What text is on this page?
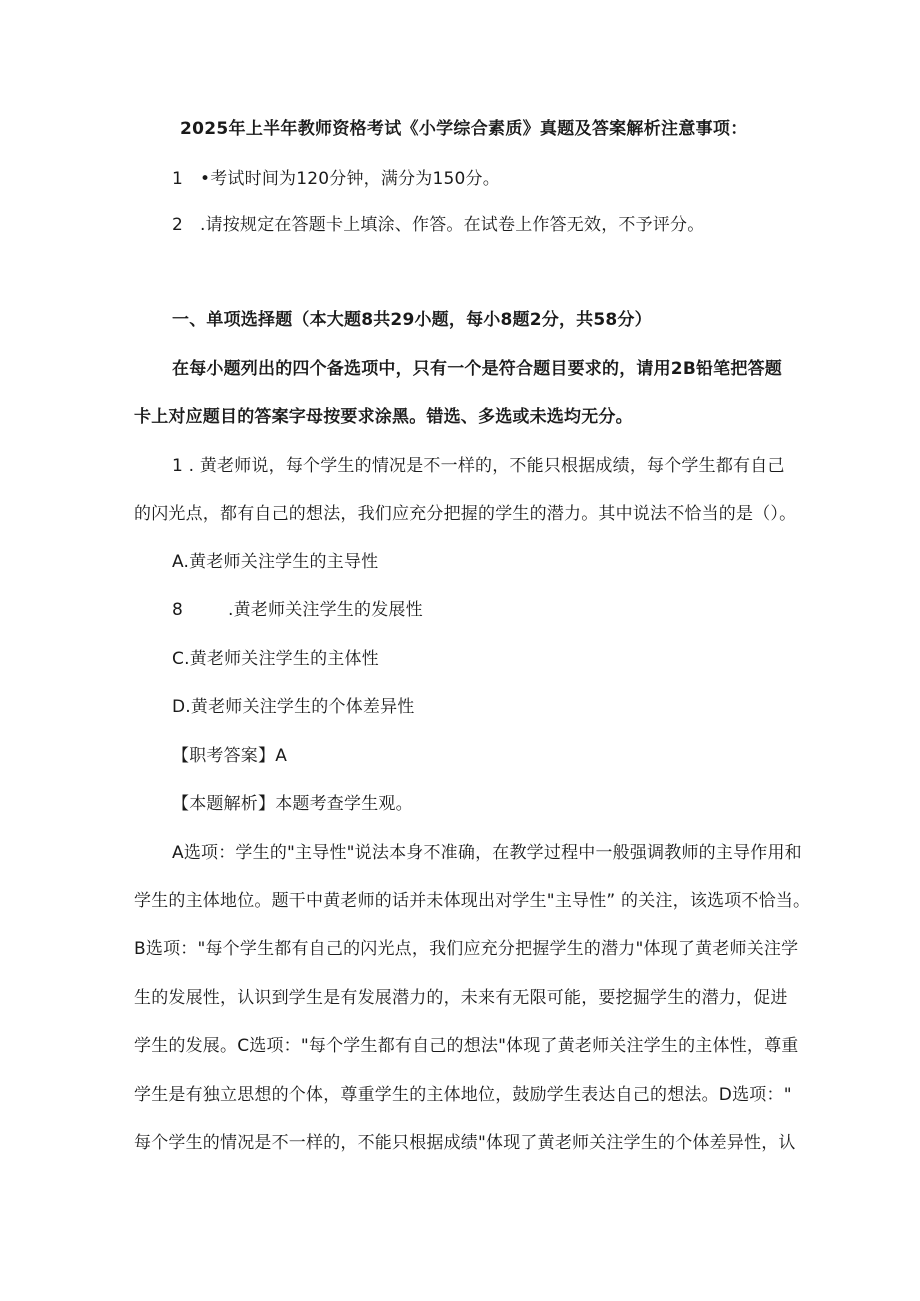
2025年上半年教师资格考试《小学综合素质》真题及答案解析注意事项：
1 •考试时间为120分钟，满分为150分。
2 .请按规定在答题卡上填涂、作答。在试卷上作答无效，不予评分。
一、单项选择题（本大题8共29小题，每小8题2分，共58分）
在每小题列出的四个备选项中，只有一个是符合题目要求的，请用2B铅笔把答题
卡上对应题目的答案字母按要求涂黑。错选、多选或未选均无分。
1 . 黄老师说，每个学生的情况是不一样的，不能只根据成绩，每个学生都有自己
的闪光点，都有自己的想法，我们应充分把握的学生的潜力。其中说法不恰当的是（）。
A.黄老师关注学生的主导性
8	.黄老师关注学生的发展性
C.黄老师关注学生的主体性
D.黄老师关注学生的个体差异性
【职考答案】A
【本题解析】本题考查学生观。
A选项：学生的"主导性"说法本身不准确，在教学过程中一般强调教师的主导作用和
学生的主体地位。题干中黄老师的话并未体现出对学生"主导性” 的关注，该选项不恰当。
B选项："每个学生都有自己的闪光点，我们应充分把握学生的潜力"体现了黄老师关注学
生的发展性，认识到学生是有发展潜力的，未来有无限可能，要挖掘学生的潜力，促进
学生的发展。C选项："每个学生都有自己的想法"体现了黄老师关注学生的主体性，尊重
学生是有独立思想的个体，尊重学生的主体地位，鼓励学生表达自己的想法。D选项："
每个学生的情况是不一样的，不能只根据成绩"体现了黄老师关注学生的个体差异性，认
